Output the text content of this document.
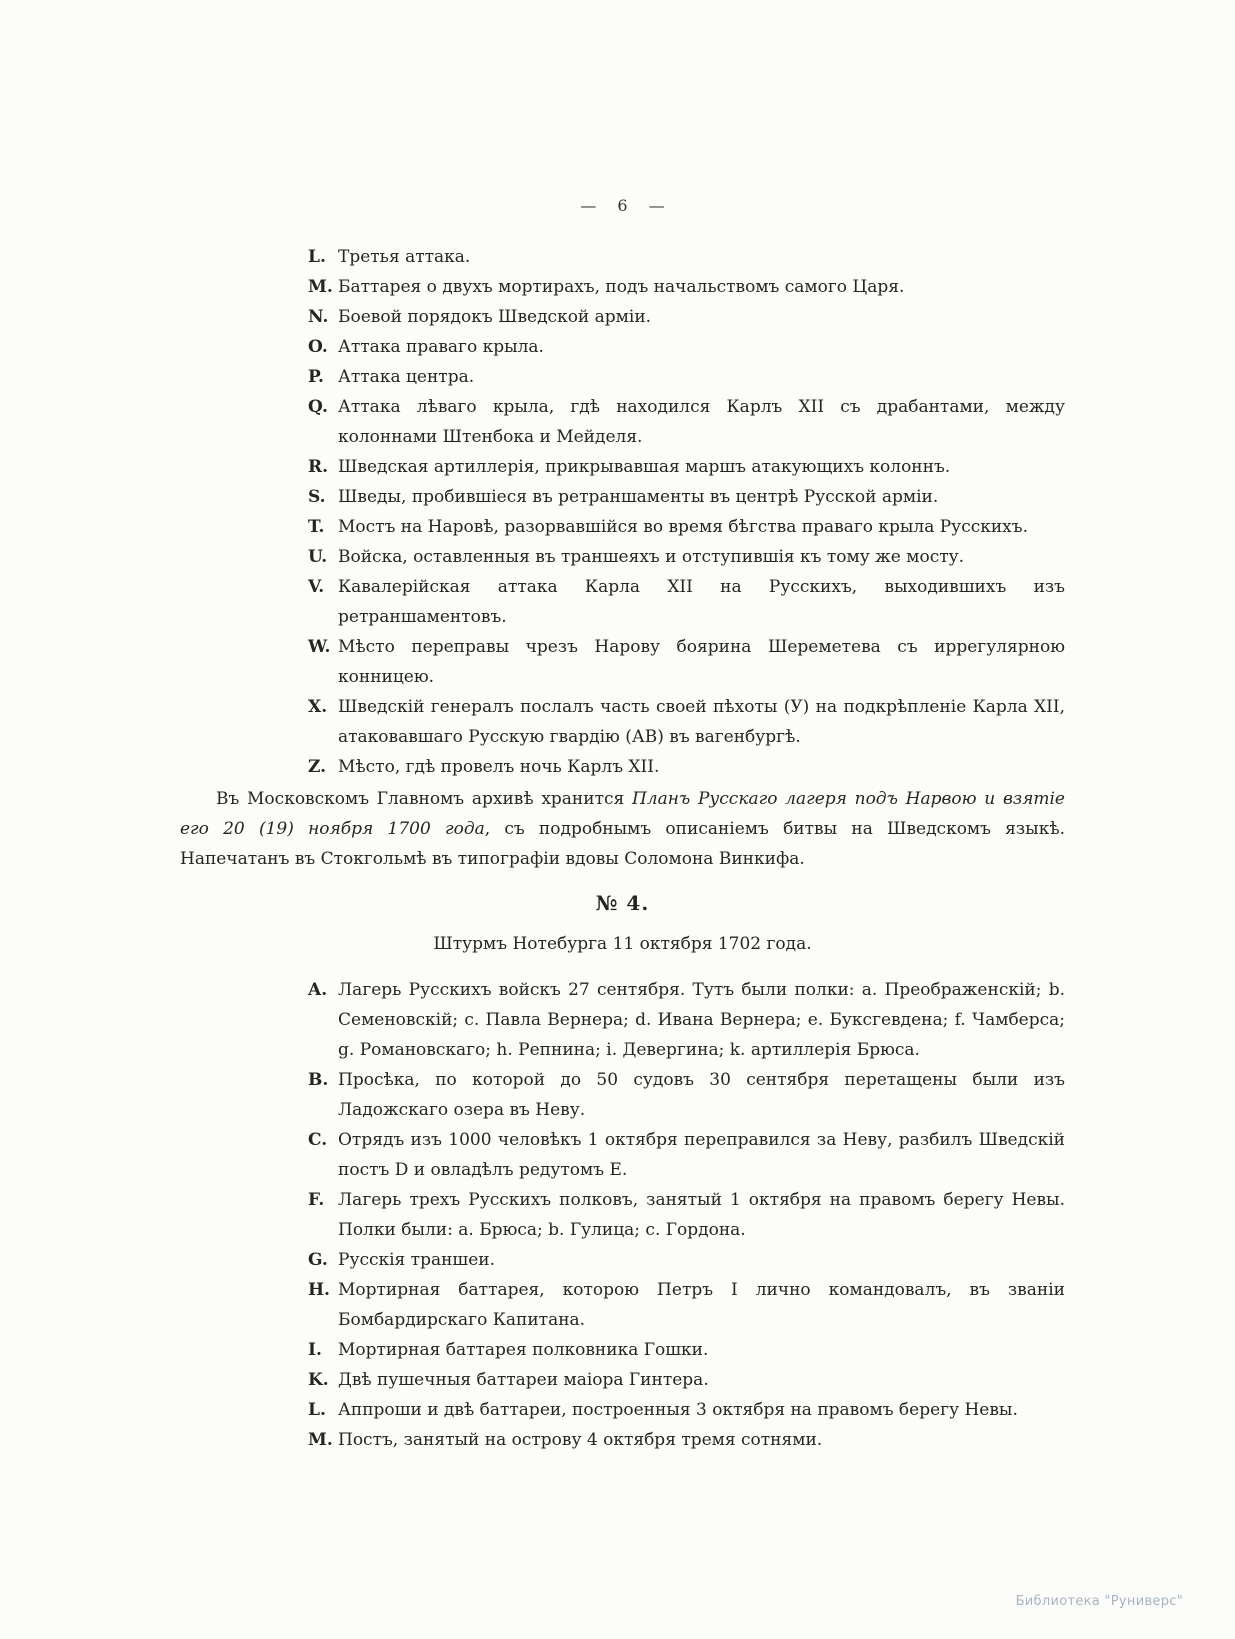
— 6 —
L. Третья аттака.
M. Баттарея о двухъ мортирахъ, подъ начальствомъ самого Царя.
N. Боевой порядокъ Шведской арміи.
O. Аттака праваго крыла.
P. Аттака центра.
Q. Аттака лѣваго крыла, гдѣ находился Карлъ XII съ драбантами, между колоннами Штенбока и Мейделя.
R. Шведская артиллерія, прикрывавшая маршъ атакующихъ колоннъ.
S. Шведы, пробившіеся въ ретраншаменты въ центрѣ Русской арміи.
T. Мостъ на Наровѣ, разорвавшійся во время бѣгства праваго крыла Русскихъ.
U. Войска, оставленныя въ траншеяхъ и отступившія къ тому же мосту.
V. Кавалерійская аттака Карла XII на Русскихъ, выходившихъ изъ ретраншаментовъ.
W. Мѣсто переправы чрезъ Нарову боярина Шереметева съ иррегулярною конницею.
X. Шведскій генералъ послалъ часть своей пѣхоты (У) на подкрѣпленіе Карла XII, атаковавшаго Русскую гвардію (АВ) въ вагенбургѣ.
Z. Мѣсто, гдѣ провелъ ночь Карлъ XII.

Въ Московскомъ Главномъ архивѣ хранится Планъ Русскаго лагеря подъ Нарвою и взятіе его 20 (19) ноября 1700 года, съ подробнымъ описаніемъ битвы на Шведскомъ языкѣ. Напечатанъ въ Стокгольмѣ въ типографіи вдовы Соломона Винкифа.

№ 4.
Штурмъ Нотебурга 11 октября 1702 года.
A. Лагерь Русскихъ войскъ 27 сентября. Тутъ были полки: a. Преображенскій; b. Семеновскій; c. Павла Вернера; d. Ивана Вернера; e. Буксгевдена; f. Чамберса; g. Романовскаго; h. Репнина; i. Девергина; k. артиллерія Брюса.
B. Просѣка, по которой до 50 судовъ 30 сентября перетащены были изъ Ладожскаго озера въ Неву.
C. Отрядъ изъ 1000 человѣкъ 1 октября переправился за Неву, разбилъ Шведскій постъ D и овладѣлъ редутомъ E.
F. Лагерь трехъ Русскихъ полковъ, занятый 1 октября на правомъ берегу Невы. Полки были: a. Брюса; b. Гулица; c. Гордона.
G. Русскія траншеи.
H. Мортирная баттарея, которою Петръ I лично командовалъ, въ званіи Бомбардирскаго Капитана.
I. Мортирная баттарея полковника Гошки.
K. Двѣ пушечныя баттареи маіора Гинтера.
L. Аппроши и двѣ баттареи, построенныя 3 октября на правомъ берегу Невы.
M. Постъ, занятый на острову 4 октября тремя сотнями.
Библиотека "Руниверс"
